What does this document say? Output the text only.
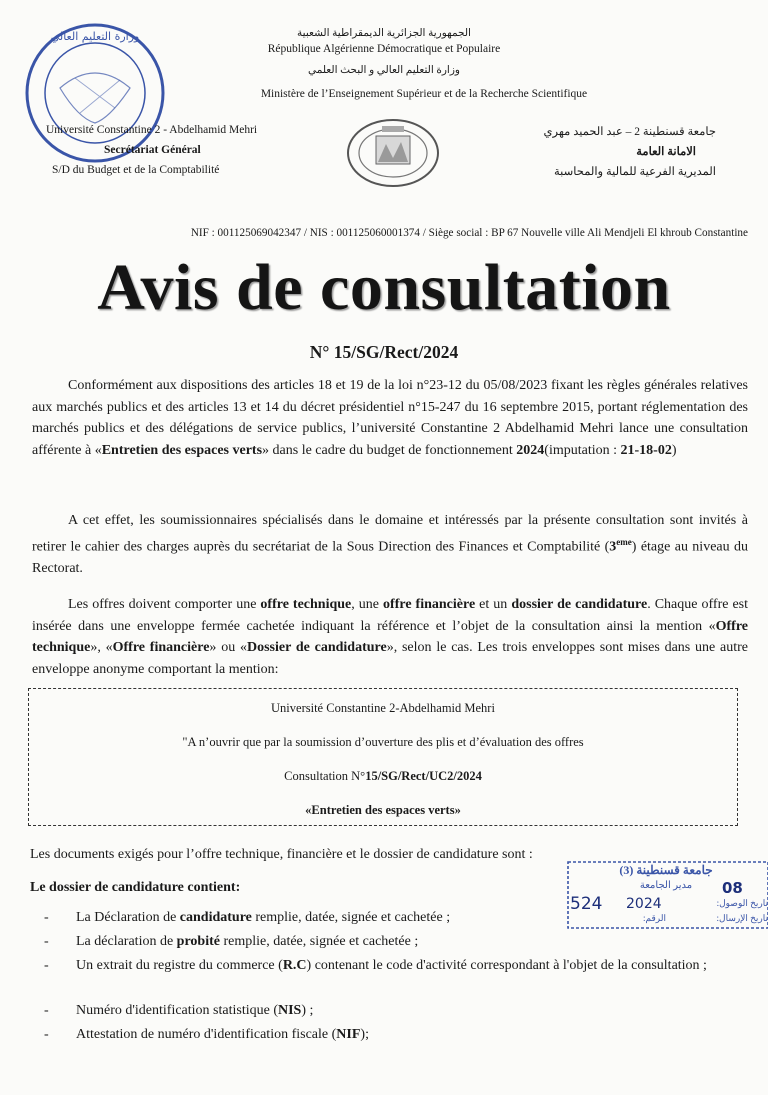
وزارة التعليم العالي	الجمهورية الجزائرية الديمقراطية الشعبية
République Algérienne Démocratique et Populaire
وزارة التعليم العالي و البحث العلمي
Ministère de l’Enseignement Supérieur et de la Recherche Scientifique
Université Constantine 2 - Abdelhamid Mehri
Secrétariat Général
S/D du Budget et de la Comptabilité
جامعة قسنطينة 2 – عبد الحميد مهري
الامانة العامة
المديرية الفرعية للمالية والمحاسبة
NIF : 001125069042347 / NIS : 001125060001374 / Siège social : BP 67 Nouvelle ville Ali Mendjeli El khroub Constantine
Avis de consultation
N° 15/SG/Rect/2024

Conformément aux dispositions des articles 18 et 19 de la loi n°23-12 du 05/08/2023 fixant les règles générales relatives aux marchés publics et des articles 13 et 14 du décret présidentiel n°15-247 du 16 septembre 2015, portant réglementation des marchés publics et des délégations de service publics, l’université Constantine 2 Abdelhamid Mehri lance une consultation afférente à «Entretien des espaces verts» dans le cadre du budget de fonctionnement 2024(imputation : 21-18-02)

A cet effet, les soumissionnaires spécialisés dans le domaine et intéressés par la présente consultation sont invités à retirer le cahier des charges auprès du secrétariat de la Sous Direction des Finances et Comptabilité (3eme) étage au niveau du Rectorat.

Les offres doivent comporter une offre technique, une offre financière et un dossier de candidature. Chaque offre est insérée dans une enveloppe fermée cachetée indiquant la référence et l’objet de la consultation ainsi la mention «Offre technique», «Offre financière» ou «Dossier de candidature», selon le cas. Les trois enveloppes sont mises dans une autre enveloppe anonyme comportant la mention:

Université Constantine 2-Abdelhamid Mehri
"A n’ouvrir que par la soumission d’ouverture des plis et d’évaluation des offres
Consultation N°15/SG/Rect/UC2/2024
«Entretien des espaces verts»
Les documents exigés pour l’offre technique, financière et le dossier de candidature sont :
Le dossier de candidature contient:
- La Déclaration de candidature remplie, datée, signée et cachetée ;
- La déclaration de probité remplie, datée, signée et cachetée ;
- Un extrait du registre du commerce (R.C) contenant le code d'activité correspondant à l'objet de la consultation ;
- Numéro d'identification statistique (NIS) ;
- Attestation de numéro d'identification fiscale (NIF);
جامعة قسنطينة (3)
مدير الجامعة	08
تاريخ الوصول:
524 2024
تاريخ الإرسال:
الرقم:
